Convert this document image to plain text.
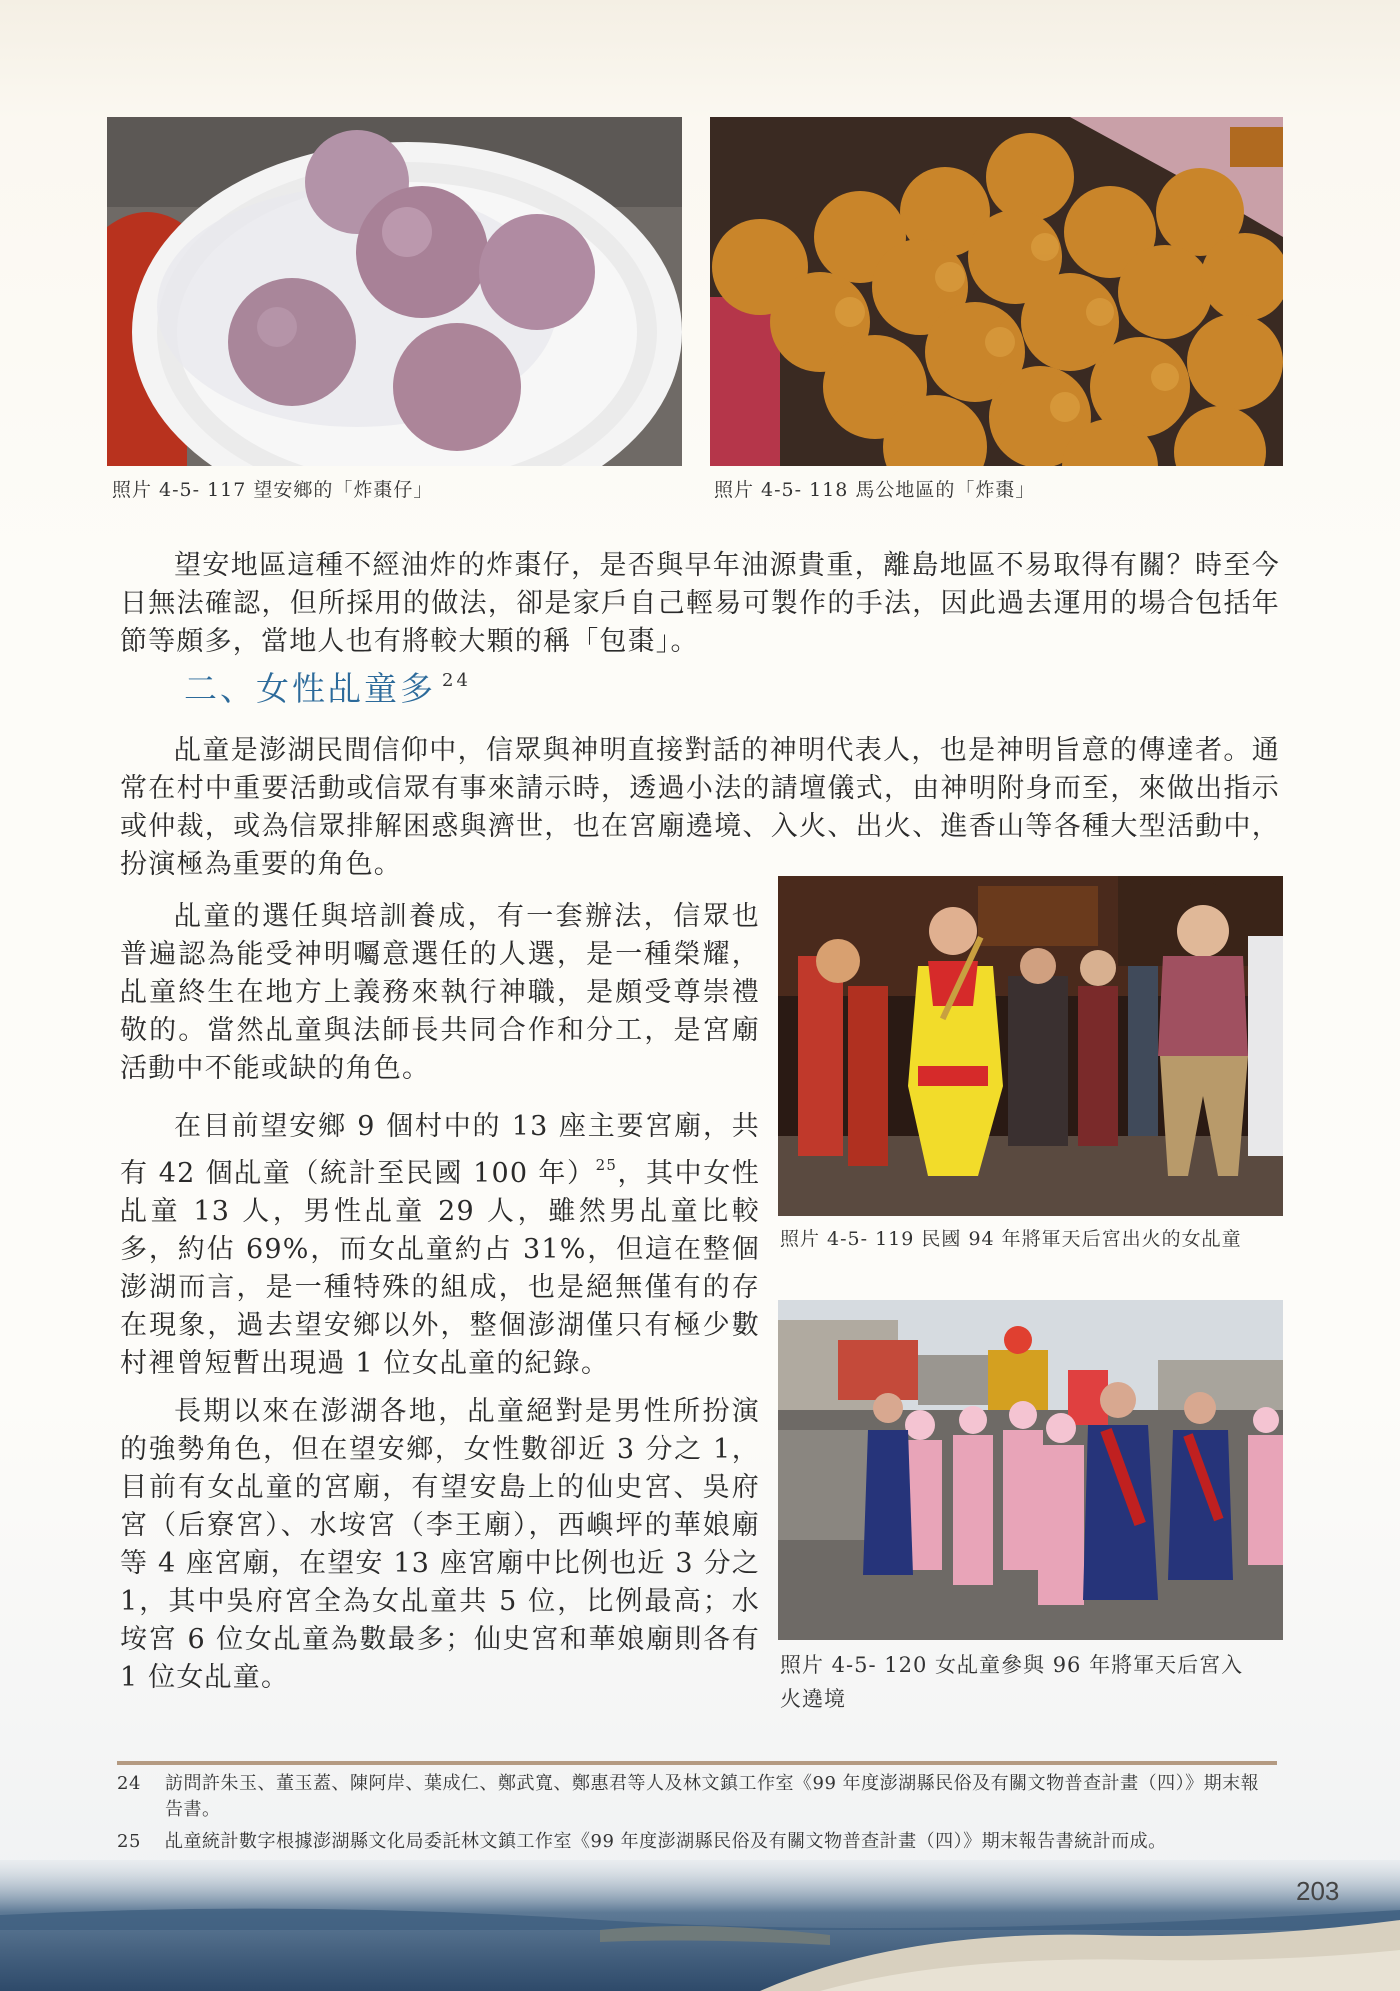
照片 4-5- 117 望安鄉的「炸棗仔」	照片 4-5- 118 馬公地區的「炸棗」

望安地區這種不經油炸的炸棗仔，是否與早年油源貴重，離島地區不易取得有關？時至今日無法確認，但所採用的做法，卻是家戶自己輕易可製作的手法，因此過去運用的場合包括年節等頗多，當地人也有將較大顆的稱「包棗」。

二、女性乩童多 $^{24}$

乩童是澎湖民間信仰中，信眾與神明直接對話的神明代表人，也是神明旨意的傳達者。通常在村中重要活動或信眾有事來請示時，透過小法的請壇儀式，由神明附身而至，來做出指示或仲裁，或為信眾排解困惑與濟世，也在宮廟遶境、入火、出火、進香山等各種大型活動中，扮演極為重要的角色。

乩童的選任與培訓養成，有一套辦法，信眾也普遍認為能受神明囑意選任的人選，是一種榮耀，乩童終生在地方上義務來執行神職，是頗受尊崇禮敬的。當然乩童與法師長共同合作和分工，是宮廟活動中不能或缺的角色。

照片 4-5- 119 民國 94 年將軍天后宮出火的女乩童

在目前望安鄉 9 個村中的 13 座主要宮廟，共有 42 個乩童（統計至民國 100 年）$^{25}$，其中女性乩童 13 人，男性乩童 29 人，雖然男乩童比較多，約佔 69%，而女乩童約占 31%，但這在整個澎湖而言，是一種特殊的組成，也是絕無僅有的存在現象，過去望安鄉以外，整個澎湖僅只有極少數村裡曾短暫出現過 1 位女乩童的紀錄。

照片 4-5- 120 女乩童參與 96 年將軍天后宮入
火遶境

長期以來在澎湖各地，乩童絕對是男性所扮演的強勢角色，但在望安鄉，女性數卻近 3 分之 1，目前有女乩童的宮廟，有望安島上的仙史宮、吳府宮（后寮宮）、水垵宮（李王廟），西嶼坪的華娘廟等 4 座宮廟，在望安 13 座宮廟中比例也近 3 分之 1，其中吳府宮全為女乩童共 5 位，比例最高；水垵宮 6 位女乩童為數最多；仙史宮和華娘廟則各有 1 位女乩童。

24 訪問許朱玉、董玉蓋、陳阿岸、葉成仁、鄭武寬、鄭惠君等人及林文鎮工作室《99 年度澎湖縣民俗及有關文物普查計畫（四）》期末報告書。
25 乩童統計數字根據澎湖縣文化局委託林文鎮工作室《99 年度澎湖縣民俗及有關文物普查計畫（四）》期末報告書統計而成。
203
